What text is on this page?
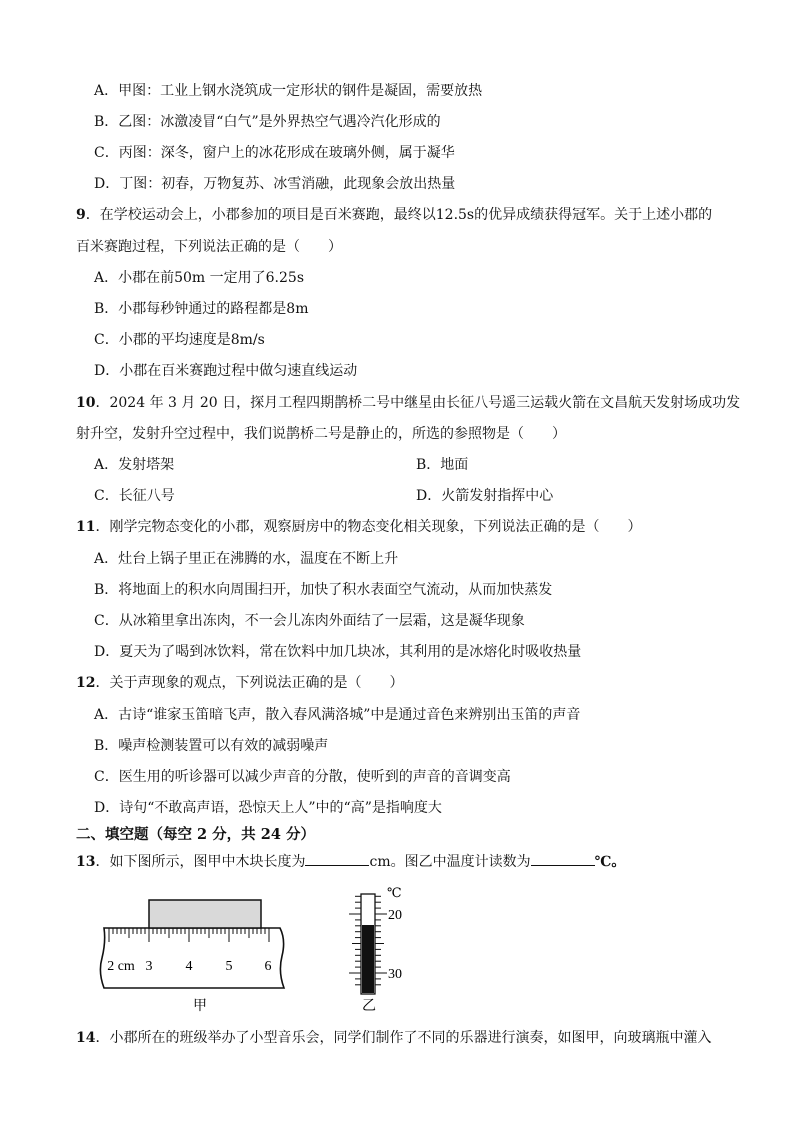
A．甲图：工业上钢水浇筑成一定形状的钢件是凝固，需要放热
B．乙图：冰激凌冒“白气”是外界热空气遇冷汽化形成的
C．丙图：深冬，窗户上的冰花形成在玻璃外侧，属于凝华
D．丁图：初春，万物复苏、冰雪消融，此现象会放出热量
9．在学校运动会上，小郡参加的项目是百米赛跑，最终以12.5s的优异成绩获得冠军。关于上述小郡的
百米赛跑过程，下列说法正确的是（　　）
A．小郡在前50m 一定用了6.25s
B．小郡每秒钟通过的路程都是8m
C．小郡的平均速度是8m/s
D．小郡在百米赛跑过程中做匀速直线运动
10．2024 年 3 月 20 日，探月工程四期鹊桥二号中继星由长征八号遥三运载火箭在文昌航天发射场成功发
射升空，发射升空过程中，我们说鹊桥二号是静止的，所选的参照物是（　　）
A．发射塔架	B．地面
C．长征八号	D．火箭发射指挥中心
11．刚学完物态变化的小郡，观察厨房中的物态变化相关现象，下列说法正确的是（　　）
A．灶台上锅子里正在沸腾的水，温度在不断上升
B．将地面上的积水向周围扫开，加快了积水表面空气流动，从而加快蒸发
C．从冰箱里拿出冻肉，不一会儿冻肉外面结了一层霜，这是凝华现象
D．夏天为了喝到冰饮料，常在饮料中加几块冰，其利用的是冰熔化时吸收热量
12．关于声现象的观点，下列说法正确的是（　　）
A．古诗“谁家玉笛暗飞声，散入春风满洛城”中是通过音色来辨别出玉笛的声音
B．噪声检测装置可以有效的减弱噪声
C．医生用的听诊器可以减少声音的分散，使听到的声音的音调变高
D．诗句“不敢高声语，恐惊天上人”中的“高”是指响度大
二、填空题（每空 2 分，共 24 分）
13．如下图所示，图甲中木块长度为	cm。图乙中温度计读数为	℃。
2 cm 3 4 5 6
甲
℃
20
30
乙
14．小郡所在的班级举办了小型音乐会，同学们制作了不同的乐器进行演奏，如图甲，向玻璃瓶中灌入
